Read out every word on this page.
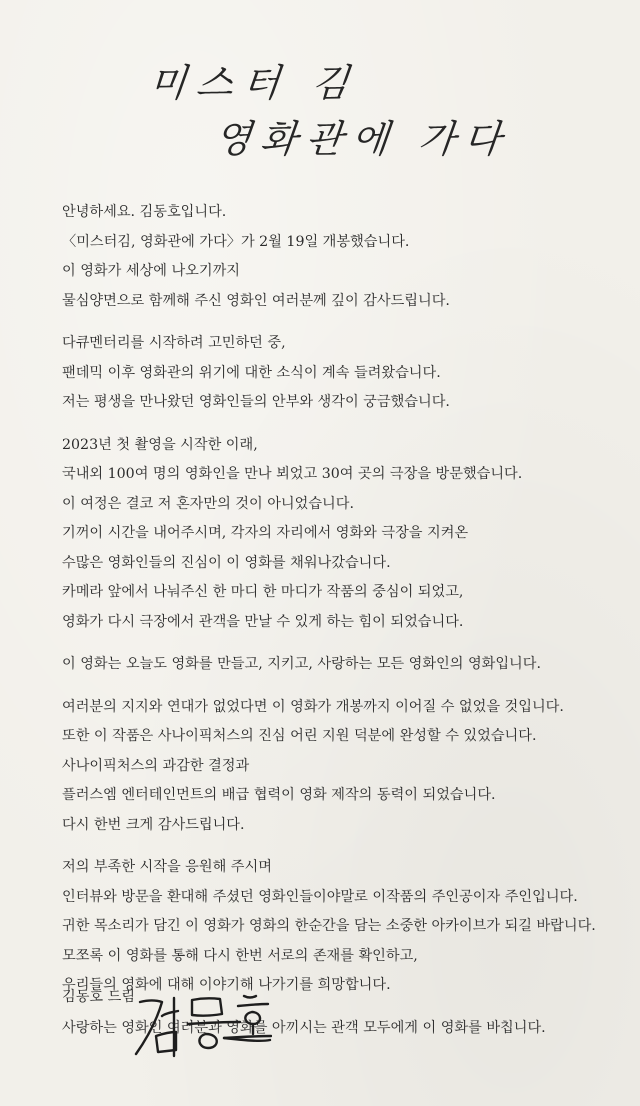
미스터 김
영화관에 가다
안녕하세요. 김동호입니다.
〈미스터김, 영화관에 가다〉가 2월 19일 개봉했습니다.
이 영화가 세상에 나오기까지
물심양면으로 함께해 주신 영화인 여러분께 깊이 감사드립니다.
다큐멘터리를 시작하려 고민하던 중,
팬데믹 이후 영화관의 위기에 대한 소식이 계속 들려왔습니다.
저는 평생을 만나왔던 영화인들의 안부와 생각이 궁금했습니다.
2023년 첫 촬영을 시작한 이래,
국내외 100여 명의 영화인을 만나 뵈었고 30여 곳의 극장을 방문했습니다.
이 여정은 결코 저 혼자만의 것이 아니었습니다.
기꺼이 시간을 내어주시며, 각자의 자리에서 영화와 극장을 지켜온
수많은 영화인들의 진심이 이 영화를 채워나갔습니다.
카메라 앞에서 나눠주신 한 마디 한 마디가 작품의 중심이 되었고,
영화가 다시 극장에서 관객을 만날 수 있게 하는 힘이 되었습니다.
이 영화는 오늘도 영화를 만들고, 지키고, 사랑하는 모든 영화인의 영화입니다.
여러분의 지지와 연대가 없었다면 이 영화가 개봉까지 이어질 수 없었을 것입니다.
또한 이 작품은 사나이픽처스의 진심 어린 지원 덕분에 완성할 수 있었습니다.
사나이픽처스의 과감한 결정과
플러스엠 엔터테인먼트의 배급 협력이 영화 제작의 동력이 되었습니다.
다시 한번 크게 감사드립니다.
저의 부족한 시작을 응원해 주시며
인터뷰와 방문을 환대해 주셨던 영화인들이야말로 이작품의 주인공이자 주인입니다.
귀한 목소리가 담긴 이 영화가 영화의 한순간을 담는 소중한 아카이브가 되길 바랍니다.
모쪼록 이 영화를 통해 다시 한번 서로의 존재를 확인하고,
우리들의 영화에 대해 이야기해 나가기를 희망합니다.
사랑하는 영화인 여러분과 영화를 아끼시는 관객 모두에게 이 영화를 바칩니다.
김동호 드림
